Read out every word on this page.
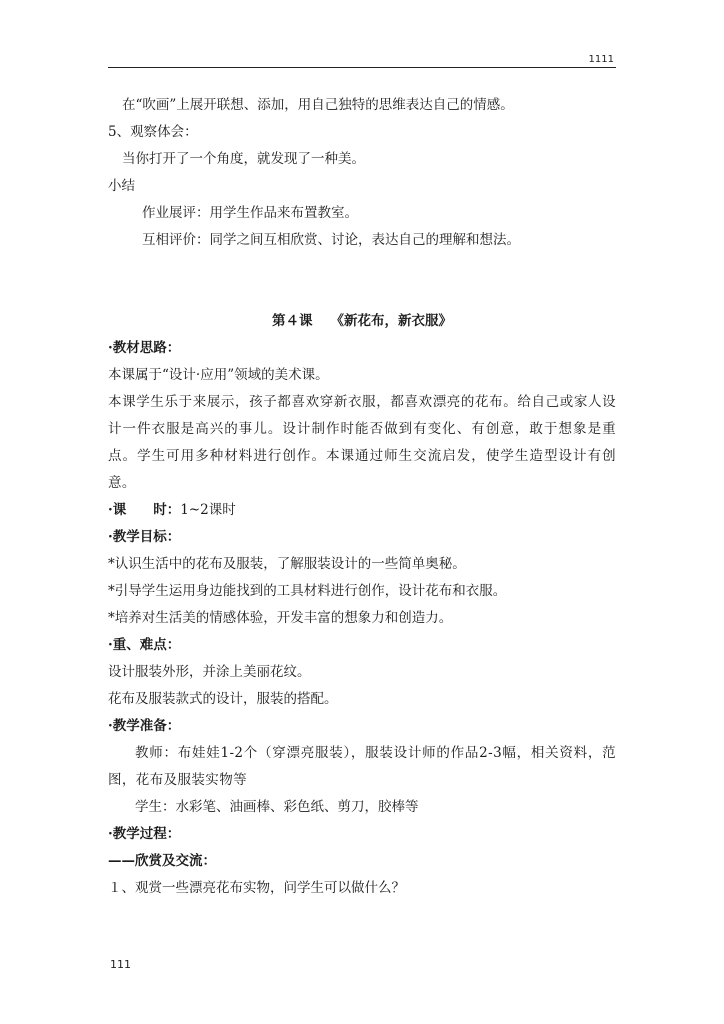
1111
在“吹画”上展开联想、添加，用自己独特的思维表达自己的情感。
5、观察体会：
当你打开了一个角度，就发现了一种美。
小结
作业展评：用学生作品来布置教室。
互相评价：同学之间互相欣赏、讨论，表达自己的理解和想法。
第４课 《新花布，新衣服》
·教材思路：
本课属于“设计·应用”领域的美术课。
本课学生乐于来展示，孩子都喜欢穿新衣服，都喜欢漂亮的花布。给自己或家人设计一件衣服是高兴的事儿。设计制作时能否做到有变化、有创意，敢于想象是重点。学生可用多种材料进行创作。本课通过师生交流启发，使学生造型设计有创意。
·课　　时：1~2课时
·教学目标：
*认识生活中的花布及服装，了解服装设计的一些简单奥秘。
*引导学生运用身边能找到的工具材料进行创作，设计花布和衣服。
*培养对生活美的情感体验，开发丰富的想象力和创造力。
·重、难点：
设计服装外形，并涂上美丽花纹。
花布及服装款式的设计，服装的搭配。
·教学准备：
教师：布娃娃1-2个（穿漂亮服装），服装设计师的作品2-3幅，相关资料，范图，花布及服装实物等
学生：水彩笔、油画棒、彩色纸、剪刀，胶棒等
·教学过程：
——欣赏及交流：
１、观赏一些漂亮花布实物，问学生可以做什么？
111
